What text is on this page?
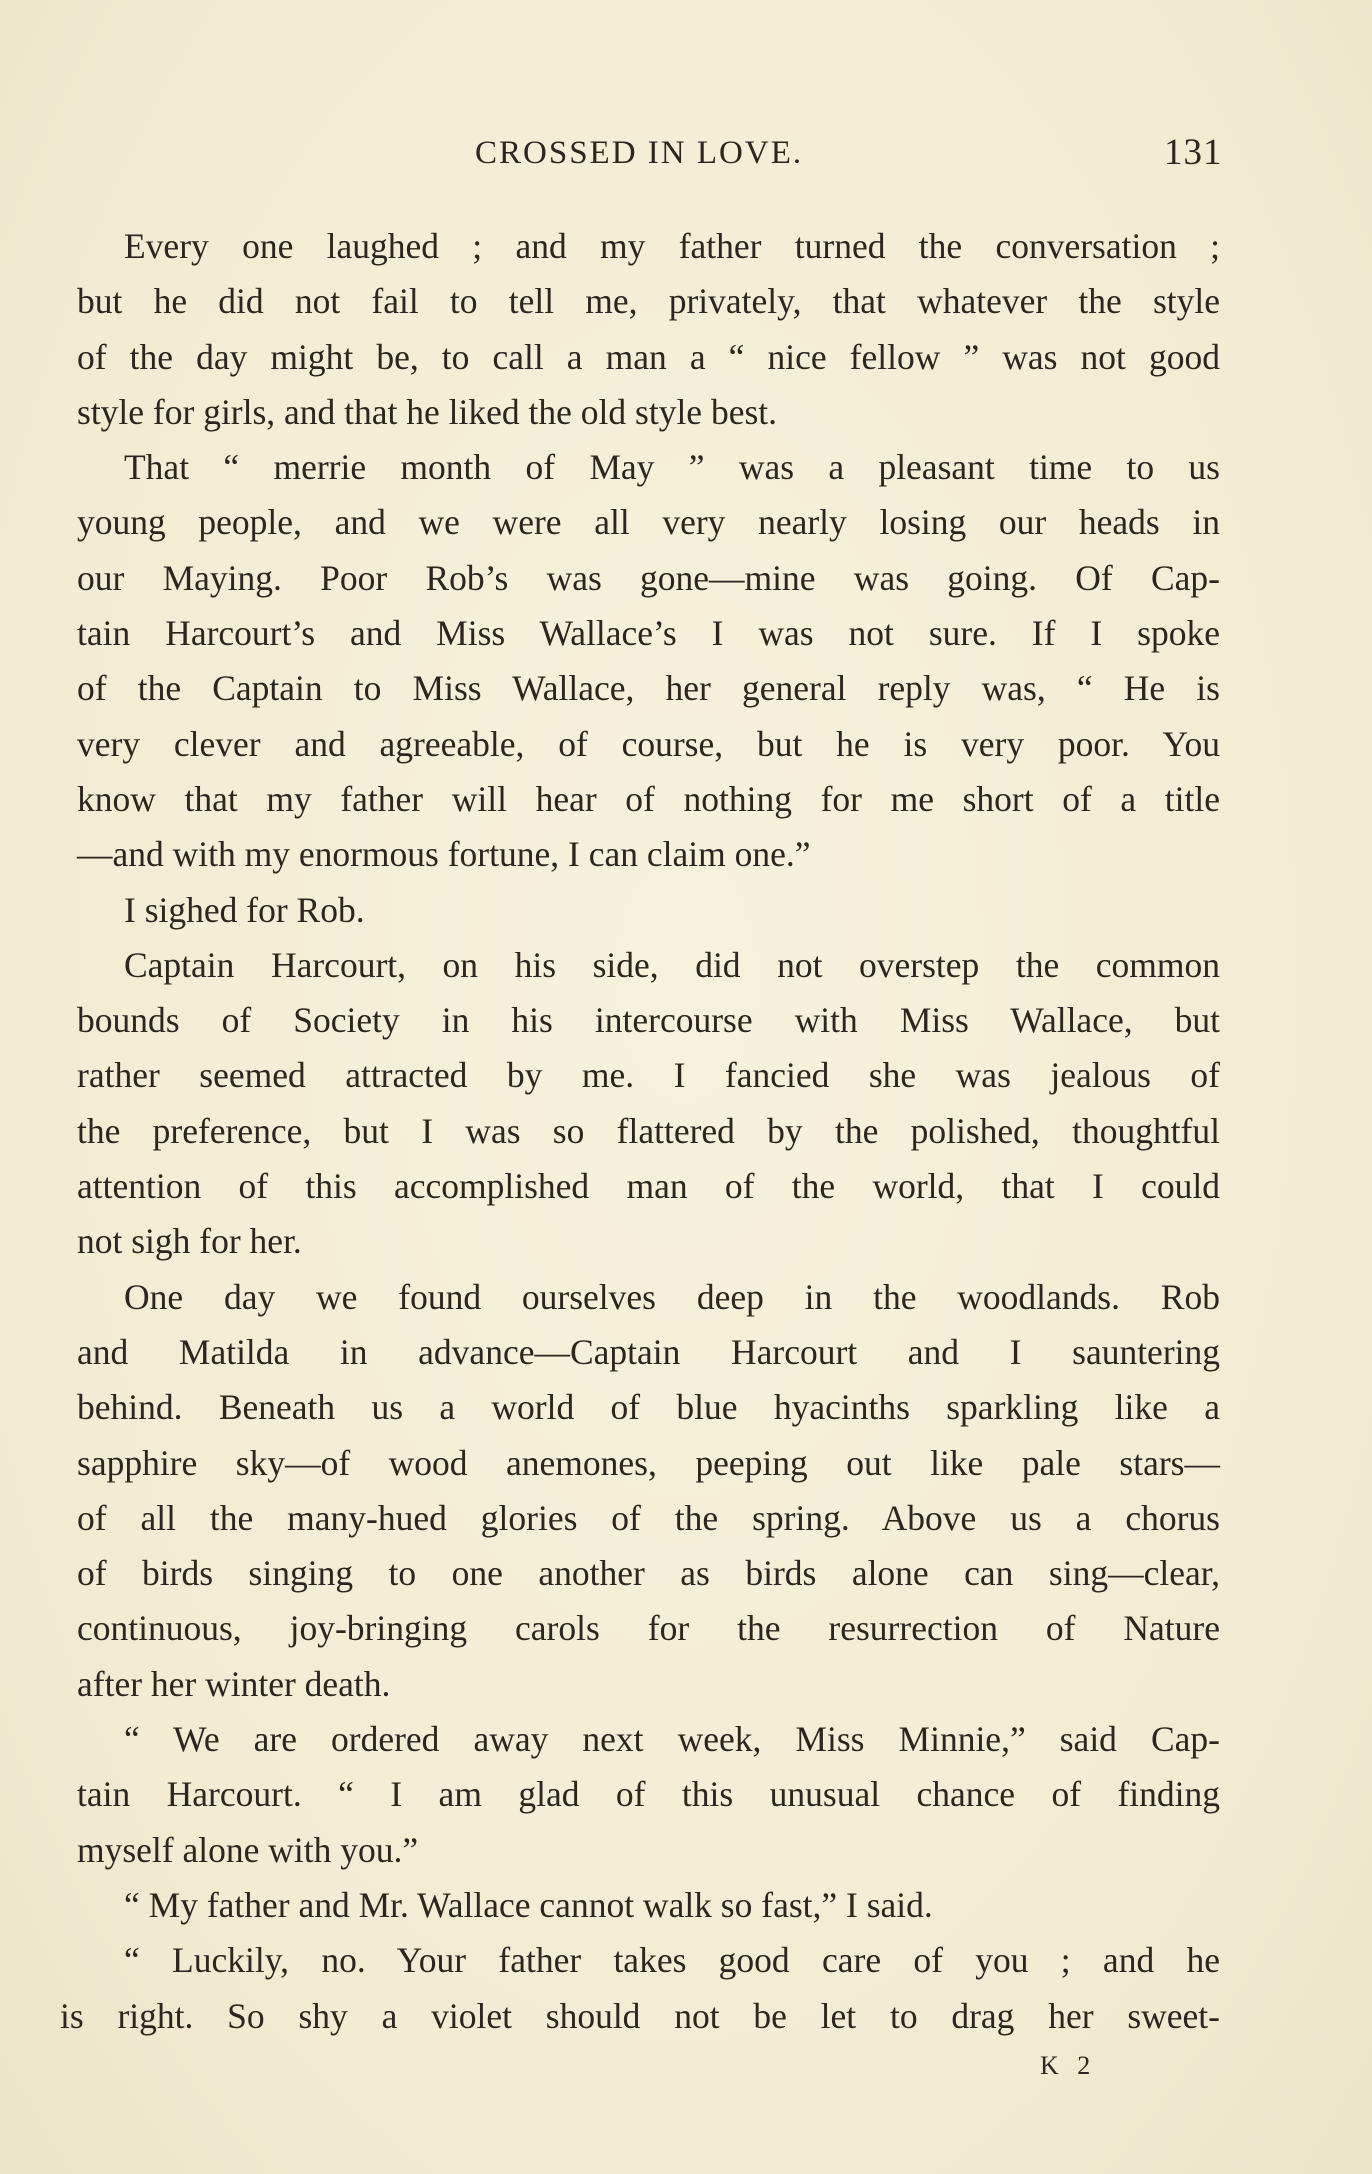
CROSSED IN LOVE.	131
Every one laughed ; and my father turned the conversation ;
but he did not fail to tell me, privately, that whatever the style
of the day might be, to call a man a “ nice fellow ” was not good
style for girls, and that he liked the old style best.
That “ merrie month of May ” was a pleasant time to us
young people, and we were all very nearly losing our heads in
our Maying. Poor Rob’s was gone—mine was going. Of Cap-
tain Harcourt’s and Miss Wallace’s I was not sure. If I spoke
of the Captain to Miss Wallace, her general reply was, “ He is
very clever and agreeable, of course, but he is very poor. You
know that my father will hear of nothing for me short of a title
—and with my enormous fortune, I can claim one.”
I sighed for Rob.
Captain Harcourt, on his side, did not overstep the common
bounds of Society in his intercourse with Miss Wallace, but
rather seemed attracted by me. I fancied she was jealous of
the preference, but I was so flattered by the polished, thoughtful
attention of this accomplished man of the world, that I could
not sigh for her.
One day we found ourselves deep in the woodlands. Rob
and Matilda in advance—Captain Harcourt and I sauntering
behind. Beneath us a world of blue hyacinths sparkling like a
sapphire sky—of wood anemones, peeping out like pale stars—
of all the many-hued glories of the spring. Above us a chorus
of birds singing to one another as birds alone can sing—clear,
continuous, joy-bringing carols for the resurrection of Nature
after her winter death.
“ We are ordered away next week, Miss Minnie,” said Cap-
tain Harcourt. “ I am glad of this unusual chance of finding
myself alone with you.”
“ My father and Mr. Wallace cannot walk so fast,” I said.
“ Luckily, no. Your father takes good care of you ; and he
is right. So shy a violet should not be let to drag her sweet-
K 2
